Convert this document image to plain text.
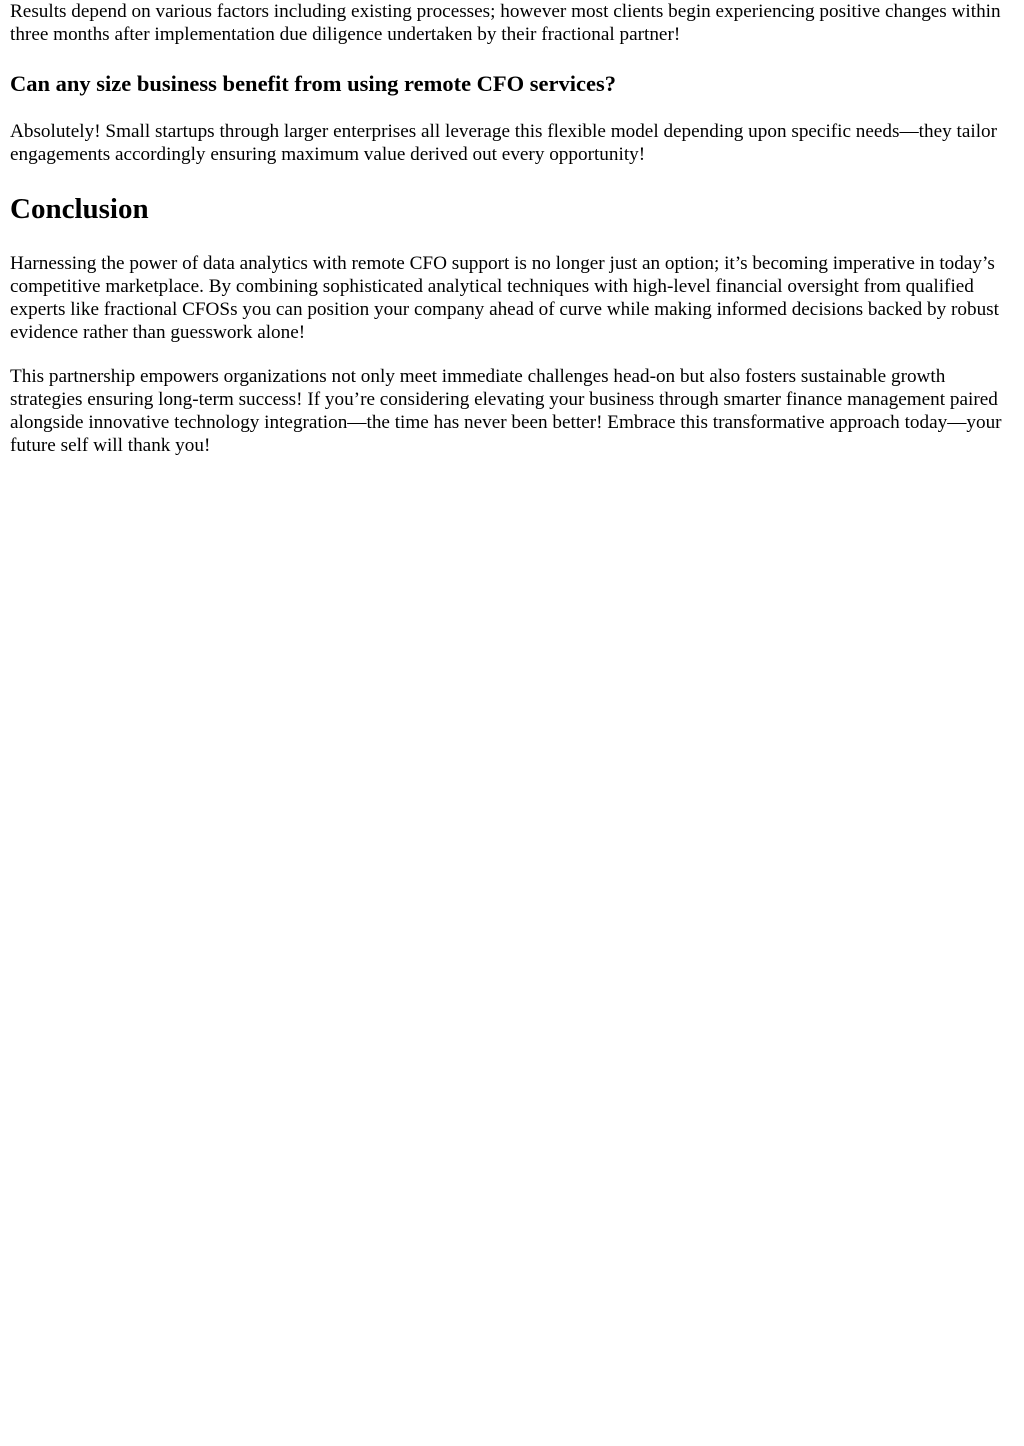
Results depend on various factors including existing processes; however most clients begin experiencing positive changes within three months after implementation due diligence undertaken by their fractional partner!

Can any size business benefit from using remote CFO services?

Absolutely! Small startups through larger enterprises all leverage this flexible model depending upon specific needs—they tailor engagements accordingly ensuring maximum value derived out every opportunity!

Conclusion

Harnessing the power of data analytics with remote CFO support is no longer just an option; it’s becoming imperative in today’s competitive marketplace. By combining sophisticated analytical techniques with high-level financial oversight from qualified experts like fractional CFOSs you can position your company ahead of curve while making informed decisions backed by robust evidence rather than guesswork alone!

This partnership empowers organizations not only meet immediate challenges head-on but also fosters sustainable growth strategies ensuring long-term success! If you’re considering elevating your business through smarter finance management paired alongside innovative technology integration—the time has never been better! Embrace this transformative approach today—your future self will thank you!
